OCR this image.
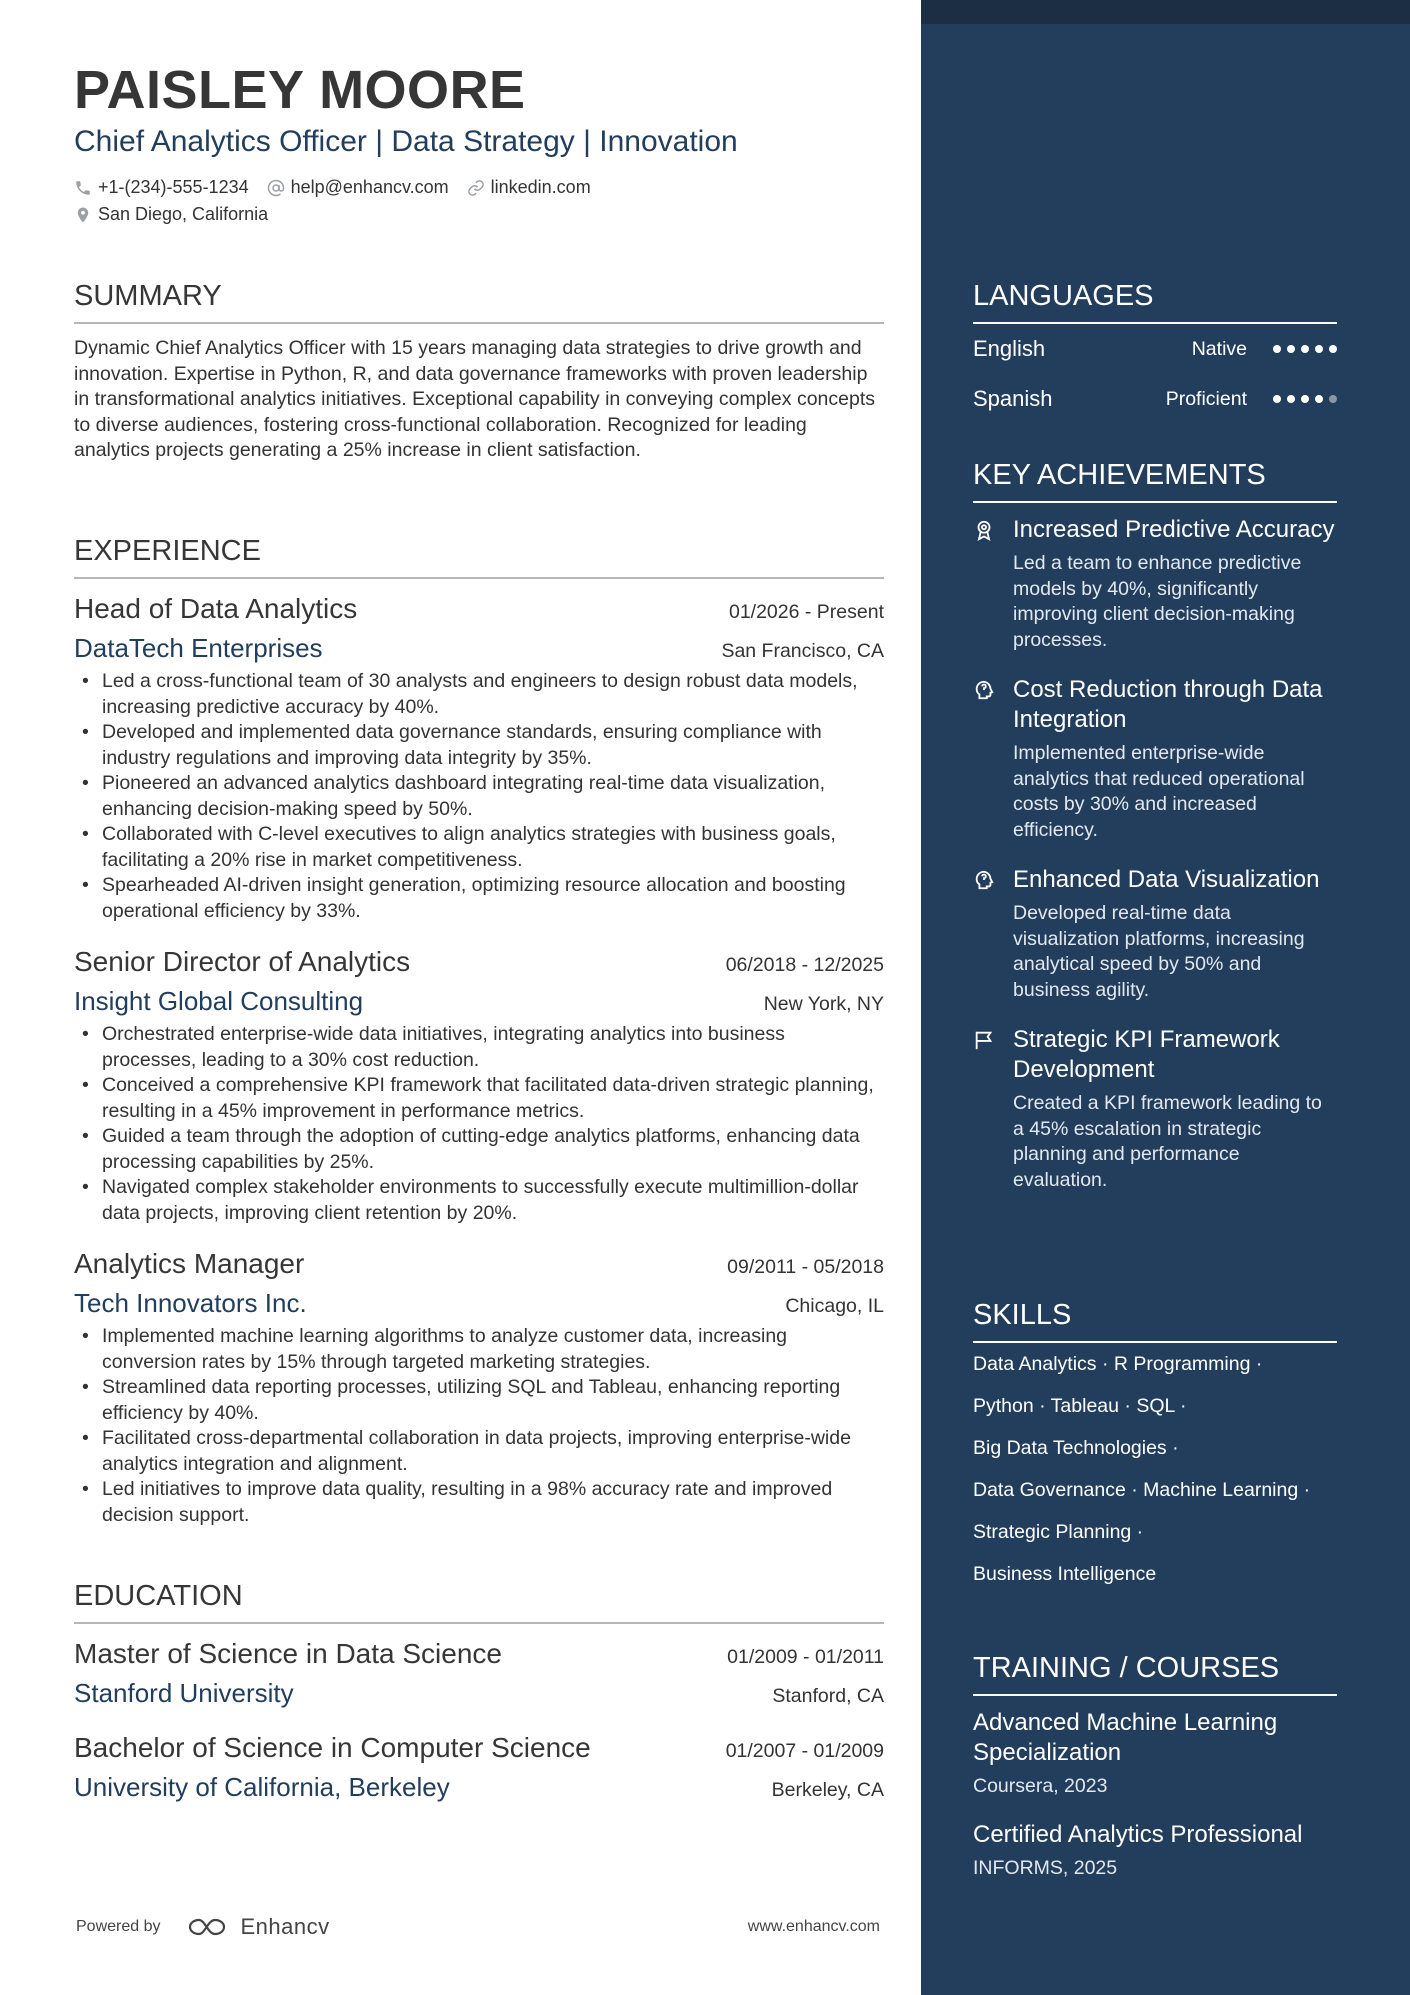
PAISLEY MOORE
Chief Analytics Officer | Data Strategy | Innovation
+1-(234)-555-1234 help@enhancv.com linkedin.com
San Diego, California
SUMMARY

Dynamic Chief Analytics Officer with 15 years managing data strategies to drive growth and innovation. Expertise in Python, R, and data governance frameworks with proven leadership in transformational analytics initiatives. Exceptional capability in conveying complex concepts to diverse audiences, fostering cross-functional collaboration. Recognized for leading analytics projects generating a 25% increase in client satisfaction.

EXPERIENCE
Head of Data Analytics	01/2026 - Present
DataTech Enterprises	San Francisco, CA
• Led a cross-functional team of 30 analysts and engineers to design robust data models, increasing predictive accuracy by 40%.
• Developed and implemented data governance standards, ensuring compliance with industry regulations and improving data integrity by 35%.
• Pioneered an advanced analytics dashboard integrating real-time data visualization, enhancing decision-making speed by 50%.
• Collaborated with C-level executives to align analytics strategies with business goals, facilitating a 20% rise in market competitiveness.
• Spearheaded AI-driven insight generation, optimizing resource allocation and boosting operational efficiency by 33%.
Senior Director of Analytics	06/2018 - 12/2025
Insight Global Consulting	New York, NY
• Orchestrated enterprise-wide data initiatives, integrating analytics into business processes, leading to a 30% cost reduction.
• Conceived a comprehensive KPI framework that facilitated data-driven strategic planning, resulting in a 45% improvement in performance metrics.
• Guided a team through the adoption of cutting-edge analytics platforms, enhancing data processing capabilities by 25%.
• Navigated complex stakeholder environments to successfully execute multimillion-dollar data projects, improving client retention by 20%.
Analytics Manager	09/2011 - 05/2018
Tech Innovators Inc.	Chicago, IL
• Implemented machine learning algorithms to analyze customer data, increasing conversion rates by 15% through targeted marketing strategies.
• Streamlined data reporting processes, utilizing SQL and Tableau, enhancing reporting efficiency by 40%.
• Facilitated cross-departmental collaboration in data projects, improving enterprise-wide analytics integration and alignment.
• Led initiatives to improve data quality, resulting in a 98% accuracy rate and improved decision support.
EDUCATION
Master of Science in Data Science	01/2009 - 01/2011
Stanford University	Stanford, CA
Bachelor of Science in Computer Science	01/2007 - 01/2009
University of California, Berkeley	Berkeley, CA
Powered by	Enhancv	www.enhancv.com
LANGUAGES
English	Native
Spanish	Proficient
KEY ACHIEVEMENTS
Increased Predictive Accuracy
Led a team to enhance predictive models by 40%, significantly improving client decision-making processes.
Cost Reduction through Data Integration
Implemented enterprise-wide analytics that reduced operational costs by 30% and increased efficiency.
Enhanced Data Visualization
Developed real-time data visualization platforms, increasing analytical speed by 50% and business agility.
Strategic KPI Framework Development
Created a KPI framework leading to a 45% escalation in strategic planning and performance evaluation.
SKILLS
Data Analytics · R Programming ·
Python · Tableau · SQL ·
Big Data Technologies ·
Data Governance · Machine Learning ·
Strategic Planning ·
Business Intelligence
TRAINING / COURSES
Advanced Machine Learning Specialization
Coursera, 2023
Certified Analytics Professional
INFORMS, 2025
